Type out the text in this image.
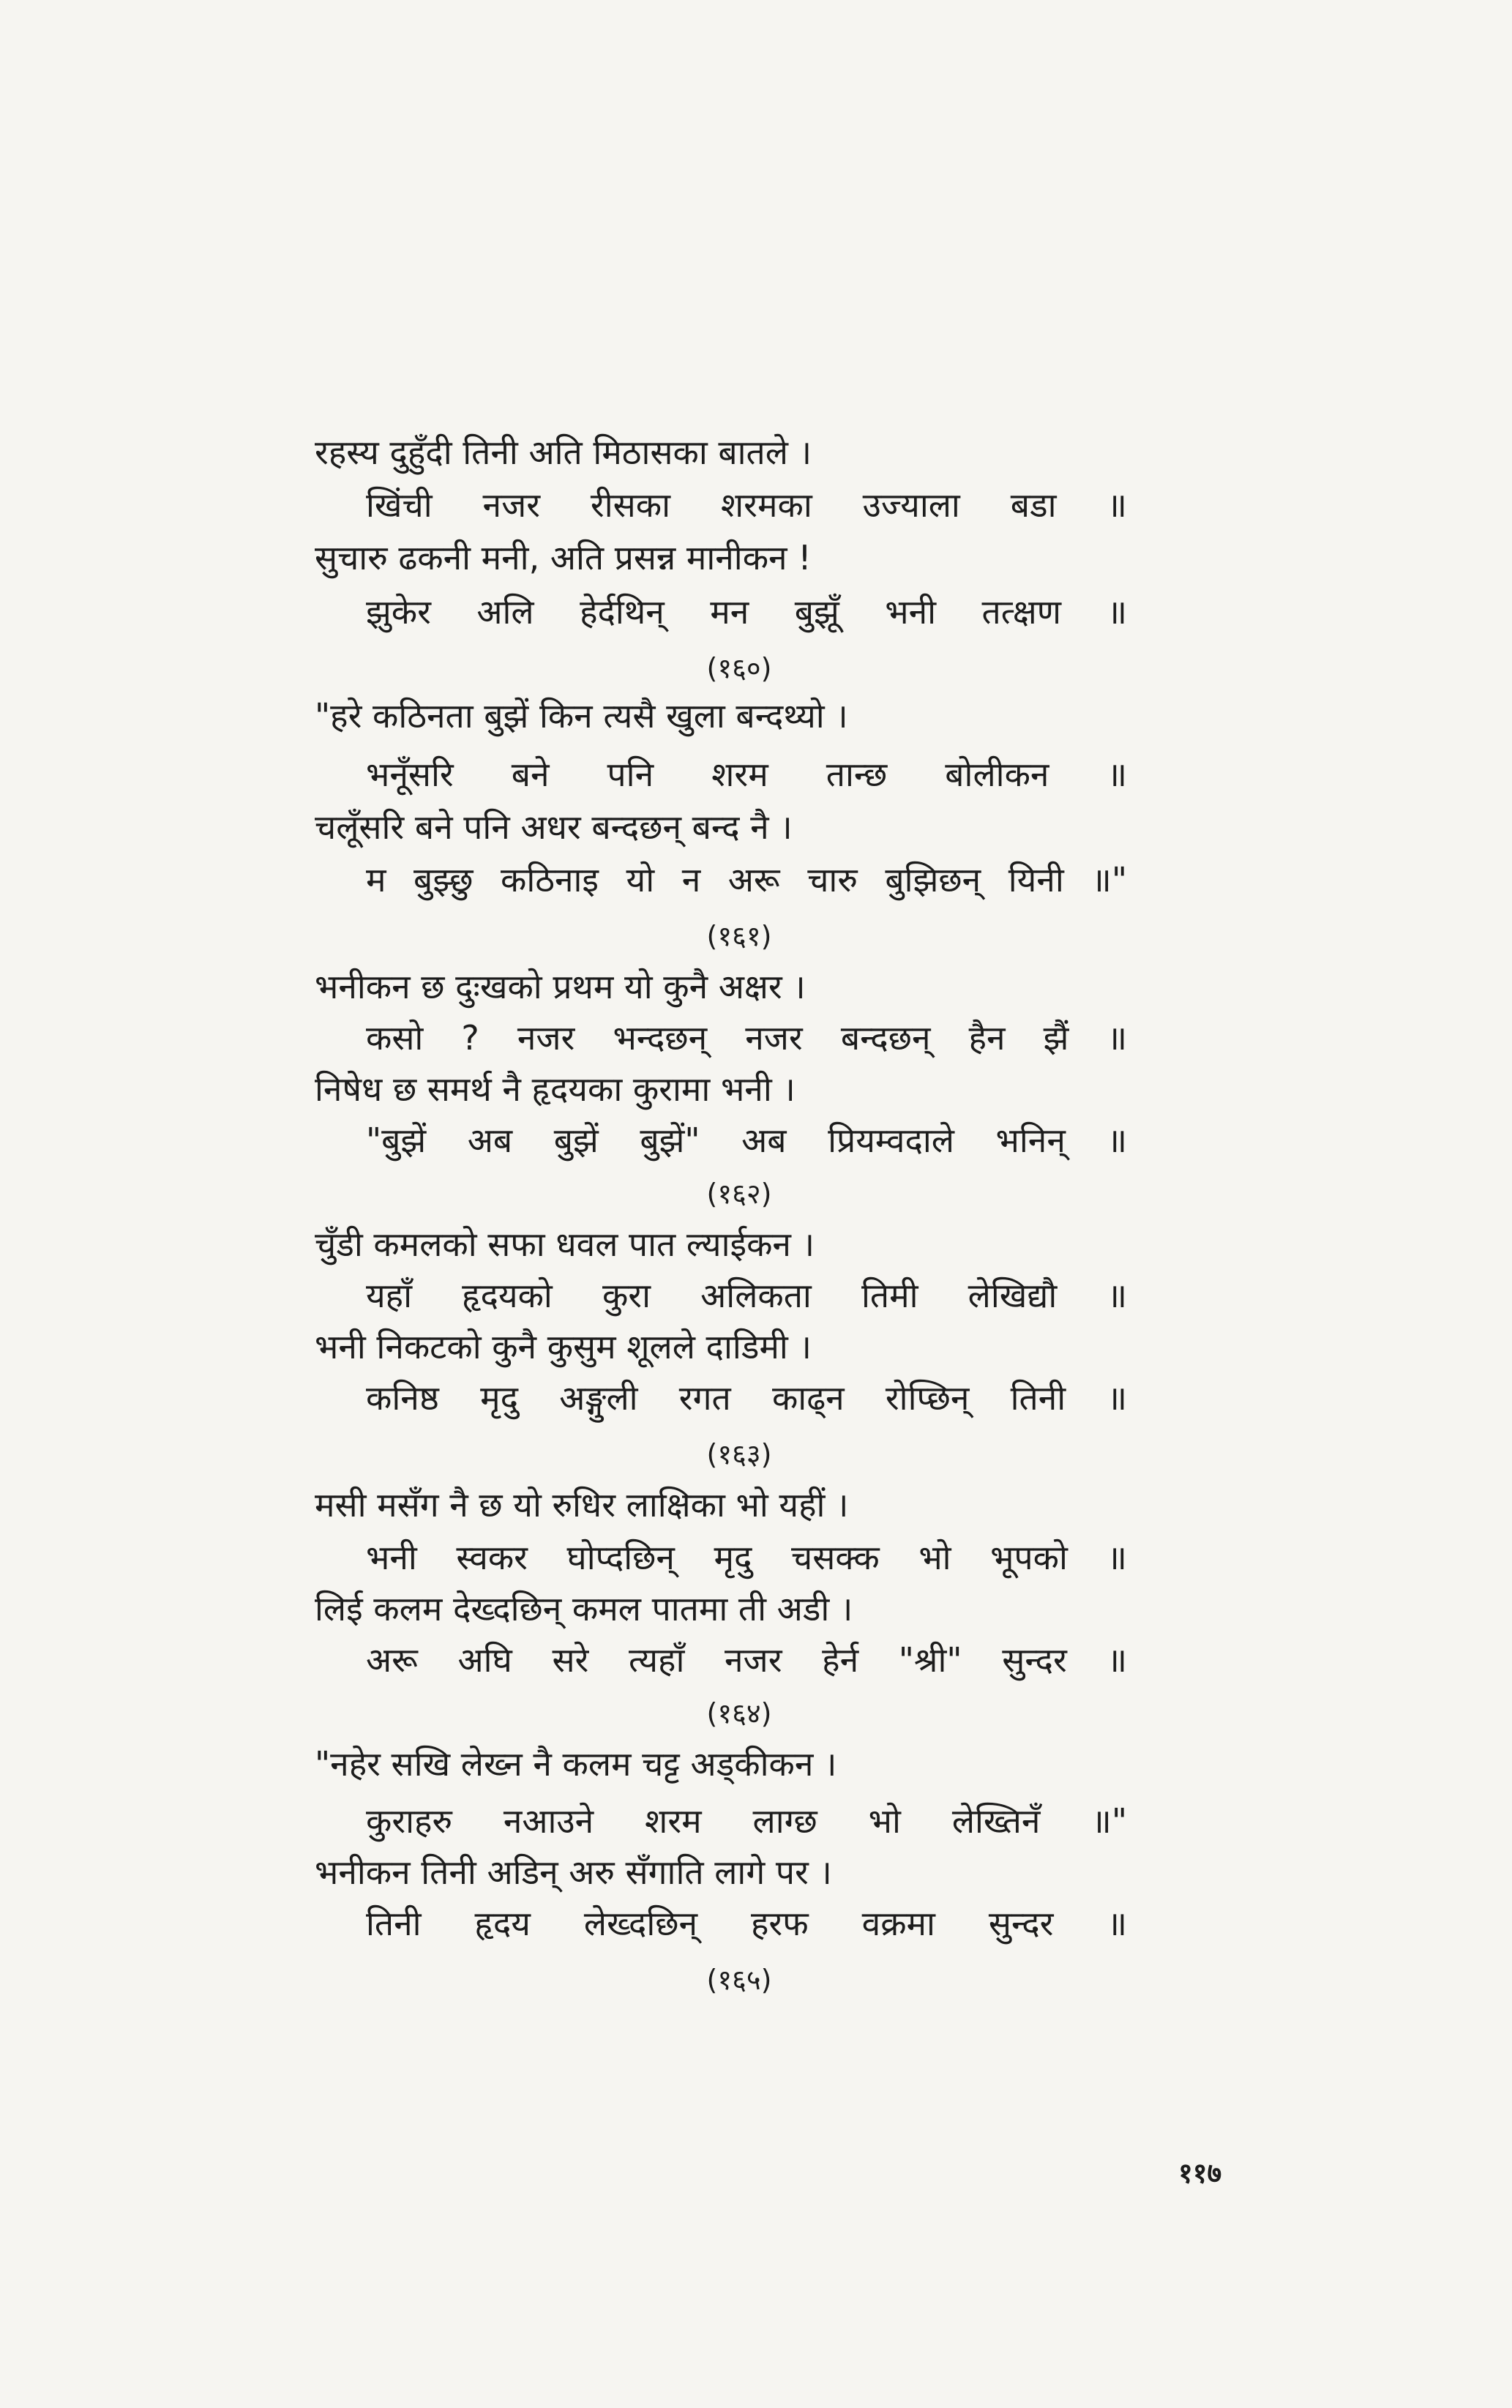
रहस्य दुहुँदी तिनी अति मिठासका बातले ।
खिंची नजर रीसका शरमका उज्याला बडा ॥
सुचारु ढकनी मनी, अति प्रसन्न मानीकन !
झुकेर अलि हेर्दथिन् मन बुझूँ भनी तत्क्षण ॥
(१६०)
"हरे कठिनता बुझें किन त्यसै खुला बन्दथ्यो ।
भनूँसरि बने पनि शरम तान्छ बोलीकन ॥
चलूँसरि बने पनि अधर बन्दछन् बन्द नै ।
म बुझ्छु कठिनाइ यो न अरू चारु बुझिछन् यिनी ॥"
(१६१)
भनीकन छ दुःखको प्रथम यो कुनै अक्षर ।
कसो ? नजर भन्दछन् नजर बन्दछन् हैन झैं ॥
निषेध छ समर्थ नै हृदयका कुरामा भनी ।
"बुझें अब बुझें बुझें" अब प्रियम्वदाले भनिन् ॥
(१६२)
चुँडी कमलको सफा धवल पात ल्याईकन ।
यहाँ हृदयको कुरा अलिकता तिमी लेखिद्यौ ॥
भनी निकटको कुनै कुसुम शूलले दाडिमी ।
कनिष्ठ मृदु अङ्गुली रगत काढ्न रोप्छिन् तिनी ॥
(१६३)
मसी मसँग नै छ यो रुधिर लाक्षिका भो यहीं ।
भनी स्वकर घोप्दछिन् मृदु चसक्क भो भूपको ॥
लिई कलम देख्दछिन् कमल पातमा ती अडी ।
अरू अघि सरे त्यहाँ नजर हेर्न "श्री" सुन्दर ॥
(१६४)
"नहेर सखि लेख्न नै कलम चट्ट अड्कीकन ।
कुराहरु नआउने शरम लाग्छ भो लेख्तिनँ ॥"
भनीकन तिनी अडिन् अरु सँगाति लागे पर ।
तिनी हृदय लेख्दछिन् हरफ वक्रमा सुन्दर ॥
(१६५)
११७
